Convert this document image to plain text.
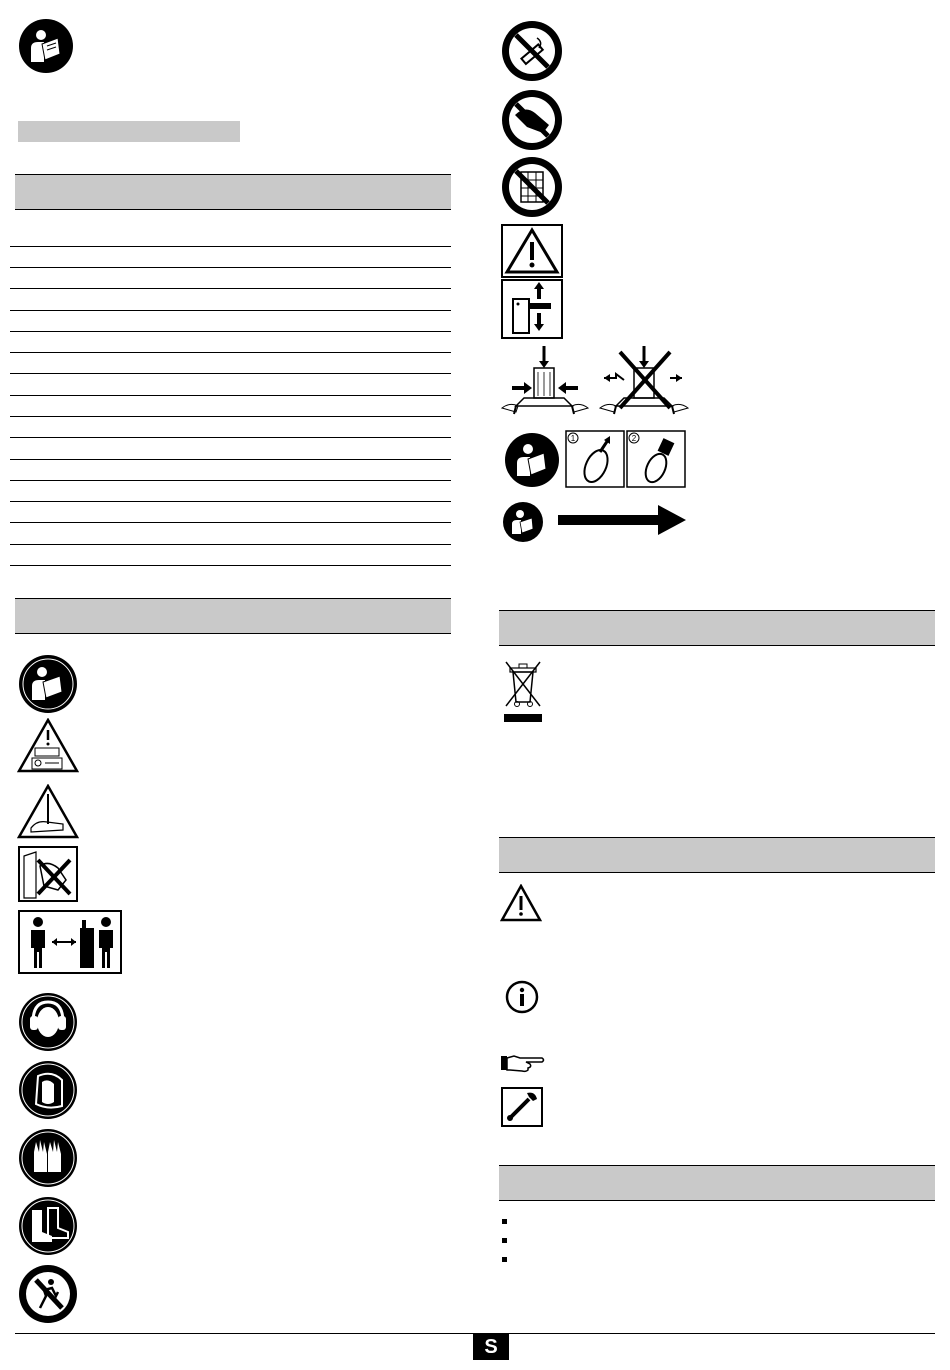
1	2
S
